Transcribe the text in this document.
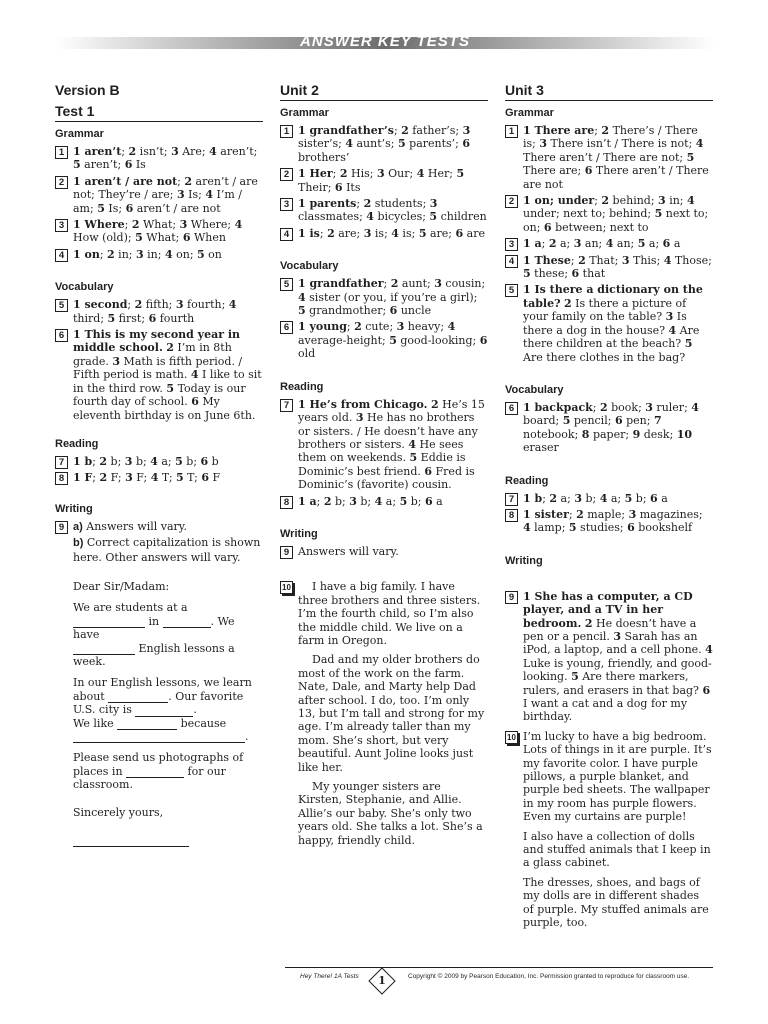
ANSWER KEY TESTS
Version B
Test 1
Grammar
1 1 aren’t; 2 isn’t; 3 Are; 4 aren’t; 5 aren’t; 6 Is
2 1 aren’t / are not; 2 aren’t / are not; They’re / are; 3 Is; 4 I’m / am; 5 Is; 6 aren’t / are not
3 1 Where; 2 What; 3 Where; 4 How (old); 5 What; 6 When
4 1 on; 2 in; 3 in; 4 on; 5 on
Vocabulary
5 1 second; 2 fifth; 3 fourth; 4 third; 5 first; 6 fourth
6 1 This is my second year in middle school. 2 I’m in 8th grade. 3 Math is fifth period. / Fifth period is math. 4 I like to sit in the third row. 5 Today is our fourth day of school. 6 My eleventh birthday is on June 6th.
Reading
7 1 b; 2 b; 3 b; 4 a; 5 b; 6 b
8 1 F; 2 F; 3 F; 4 T; 5 T; 6 F
Writing
9 a) Answers will vary.
b) Correct capitalization is shown here. Other answers will vary.

Dear Sir/Madam:

We are students at a  in	. We have
English lessons a week.

In our English lessons, we learn about	. Our favorite U.S. city is	.
We like	because
.

Please send us photographs of places in	for our classroom.

Sincerely yours,

Unit 2
Grammar
1 1 grandfather’s; 2 father’s; 3 sister’s; 4 aunt’s; 5 parents’; 6 brothers’
2 1 Her; 2 His; 3 Our; 4 Her; 5 Their; 6 Its
3 1 parents; 2 students; 3 classmates; 4 bicycles; 5 children
4 1 is; 2 are; 3 is; 4 is; 5 are; 6 are
Vocabulary
5 1 grandfather; 2 aunt; 3 cousin; 4 sister (or you, if you’re a girl); 5 grandmother; 6 uncle
6 1 young; 2 cute; 3 heavy; 4 average-height; 5 good-looking; 6 old
Reading
7 1 He’s from Chicago. 2 He’s 15 years old. 3 He has no brothers or sisters. / He doesn’t have any brothers or sisters. 4 He sees them on weekends. 5 Eddie is Dominic’s best friend. 6 Fred is Dominic’s (favorite) cousin.
8 1 a; 2 b; 3 b; 4 a; 5 b; 6 a
Writing
9 Answers will vary.
10	I have a big family. I have three brothers and three sisters. I’m the fourth child, so I’m also the middle child. We live on a farm in Oregon.

Dad and my older brothers do most of the work on the farm. Nate, Dale, and Marty help Dad after school. I do, too. I’m only 13, but I’m tall and strong for my age. I’m already taller than my mom. She’s short, but very beautiful. Aunt Joline looks just like her.

My younger sisters are Kirsten, Stephanie, and Allie. Allie’s our baby. She’s only two years old. She talks a lot. She’s a happy, friendly child.

Unit 3
Grammar
1 1 There are; 2 There’s / There is; 3 There isn’t / There is not; 4 There aren’t / There are not; 5 There are; 6 There aren’t / There are not
2 1 on; under; 2 behind; 3 in; 4 under; next to; behind; 5 next to; on; 6 between; next to
3 1 a; 2 a; 3 an; 4 an; 5 a; 6 a
4 1 These; 2 That; 3 This; 4 Those; 5 these; 6 that
5 1 Is there a dictionary on the table? 2 Is there a picture of your family on the table? 3 Is there a dog in the house? 4 Are there children at the beach? 5 Are there clothes in the bag?
Vocabulary
6 1 backpack; 2 book; 3 ruler; 4 board; 5 pencil; 6 pen; 7 notebook; 8 paper; 9 desk; 10 eraser
Reading
7 1 b; 2 a; 3 b; 4 a; 5 b; 6 a
8 1 sister; 2 maple; 3 magazines; 4 lamp; 5 studies; 6 bookshelf
Writing
9 1 She has a computer, a CD player, and a TV in her bedroom. 2 He doesn’t have a pen or a pencil. 3 Sarah has an iPod, a laptop, and a cell phone. 4 Luke is young, friendly, and good-looking. 5 Are there markers, rulers, and erasers in that bag? 6 I want a cat and a dog for my birthday.
10 I’m lucky to have a big bedroom. Lots of things in it are purple. It’s my favorite color. I have purple pillows, a purple blanket, and purple bed sheets. The wallpaper in my room has purple flowers. Even my curtains are purple!

I also have a collection of dolls and stuffed animals that I keep in a glass cabinet.

The dresses, shoes, and bags of my dolls are in different shades of purple. My stuffed animals are purple, too.

Hey There! 1A Tests	1	Copyright © 2009 by Pearson Education, Inc. Permission granted to reproduce for classroom use.
